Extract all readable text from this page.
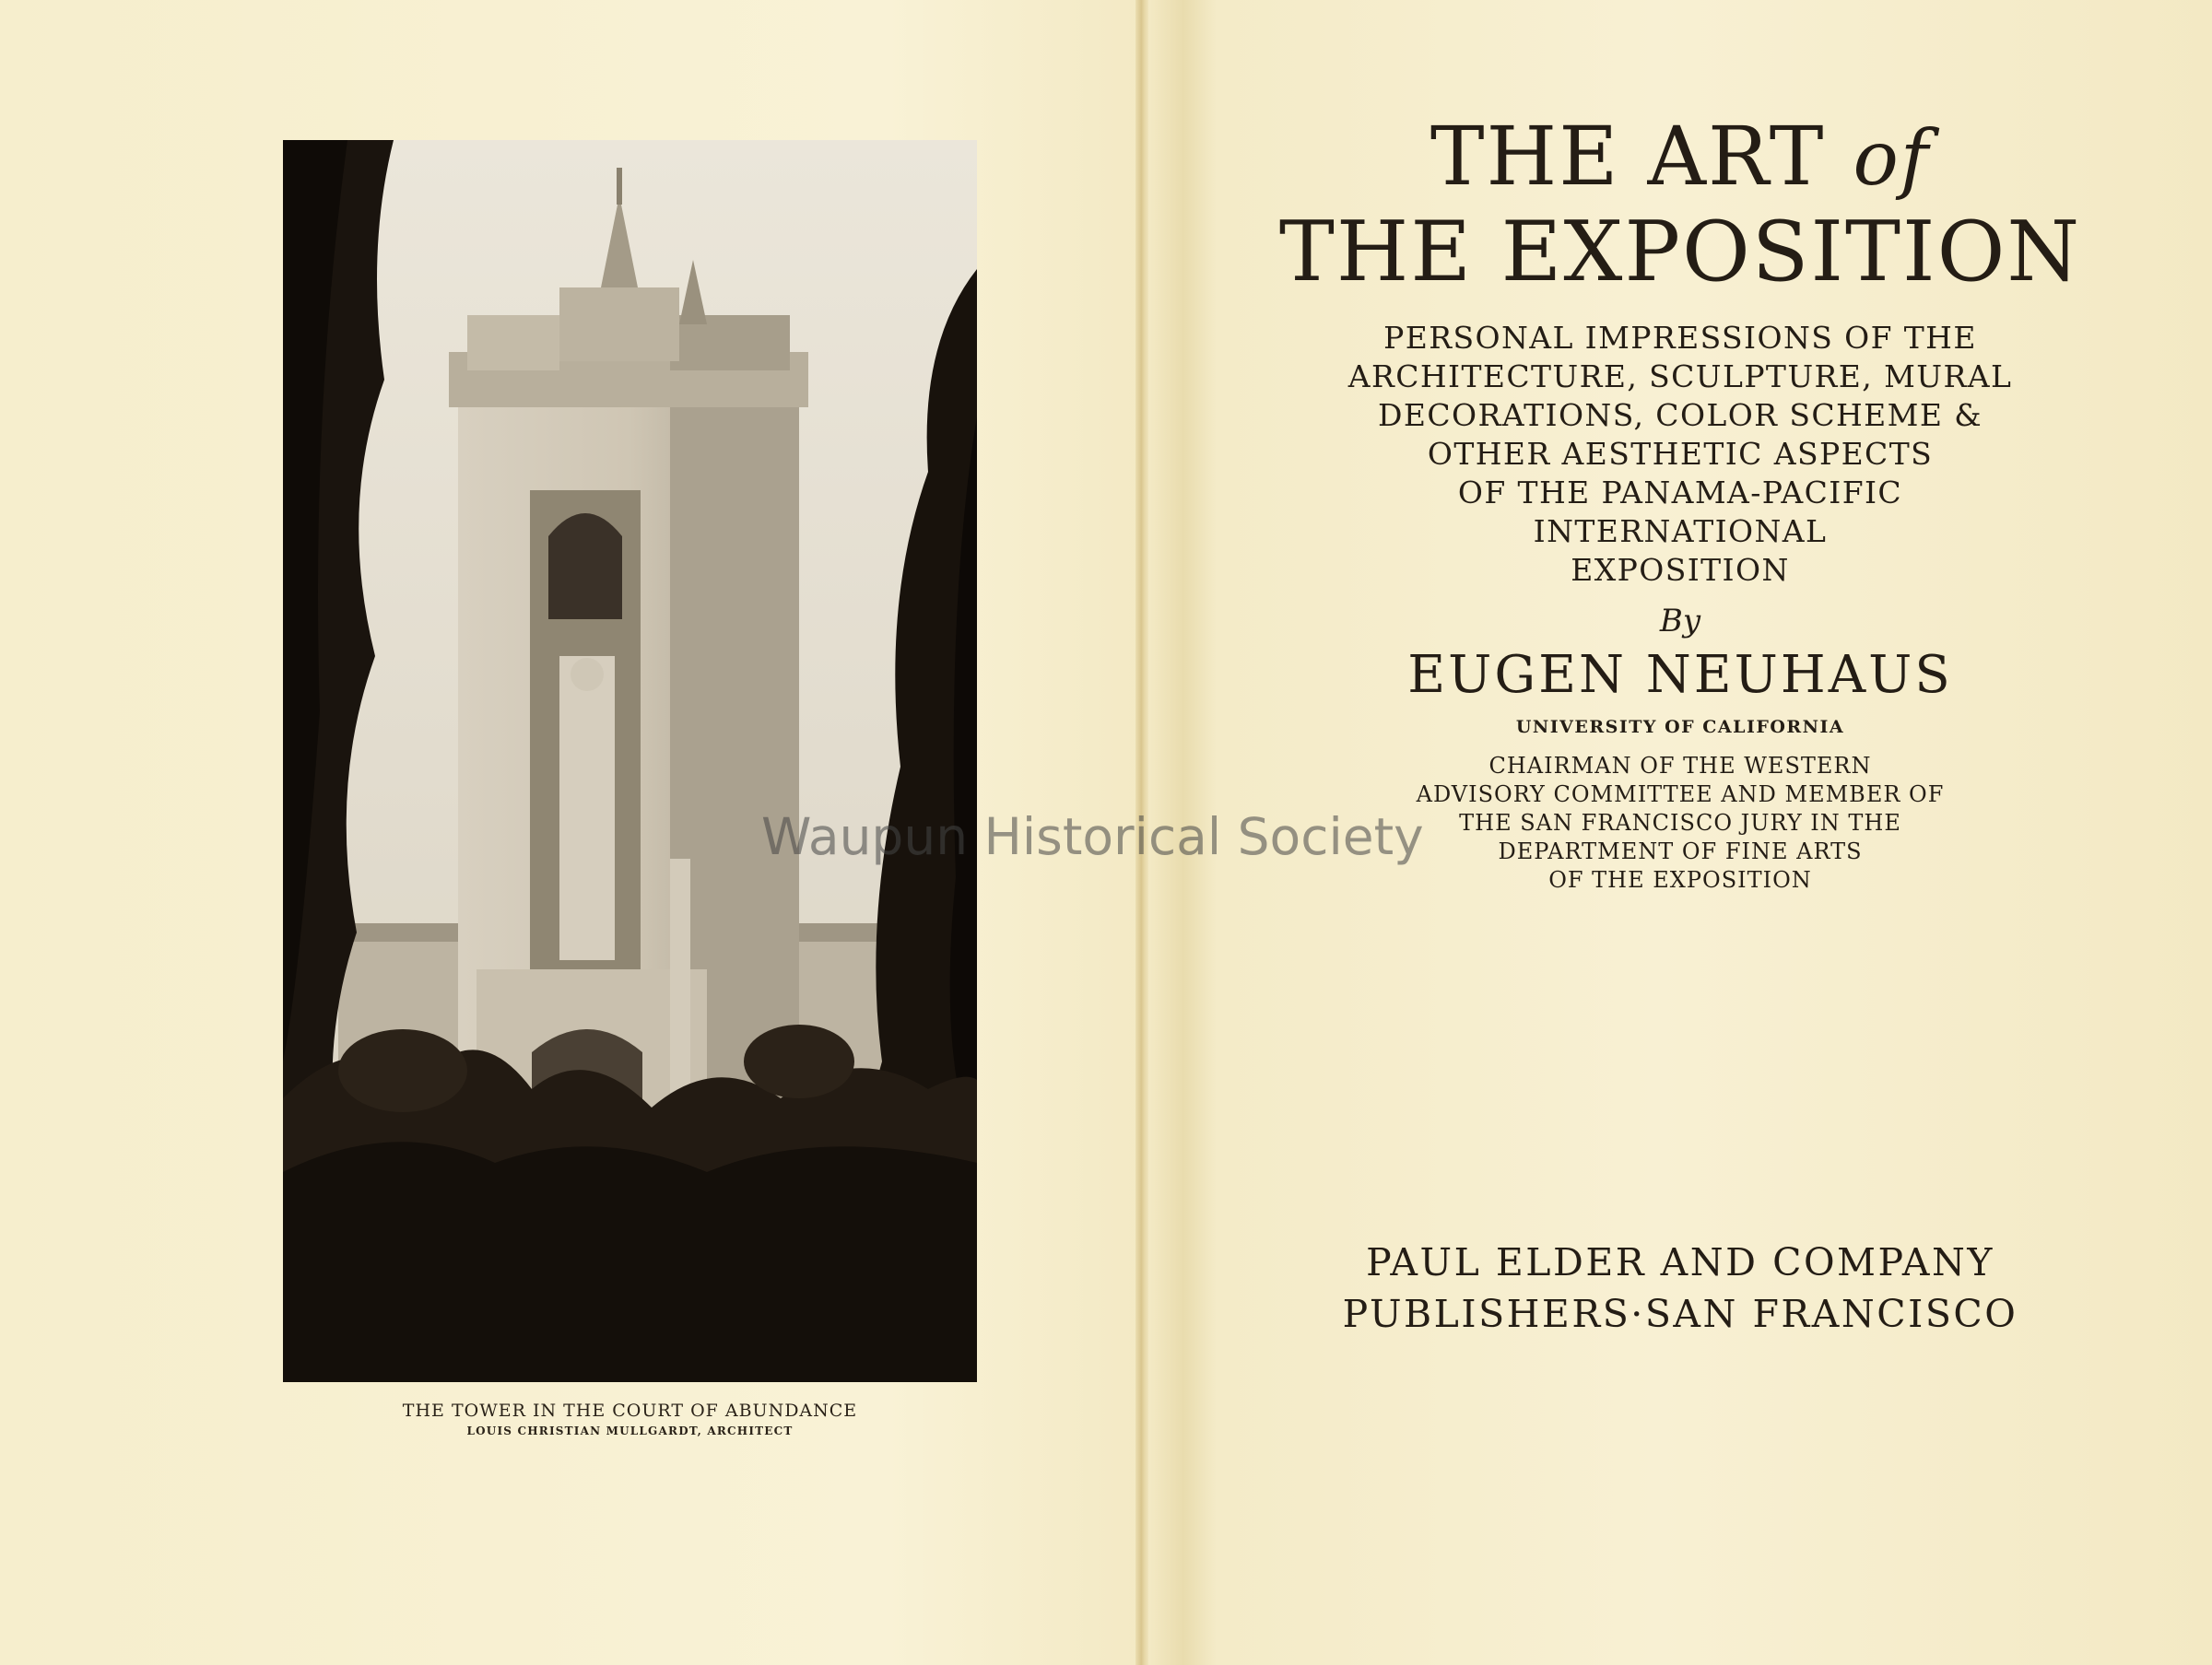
THE TOWER IN THE COURT OF ABUNDANCE
LOUIS CHRISTIAN MULLGARDT, ARCHITECT
THE ART of
THE EXPOSITION
PERSONAL IMPRESSIONS OF THE
ARCHITECTURE, SCULPTURE, MURAL
DECORATIONS, COLOR SCHEME &
OTHER AESTHETIC ASPECTS
OF THE PANAMA-PACIFIC
INTERNATIONAL
EXPOSITION
By
EUGEN NEUHAUS
UNIVERSITY OF CALIFORNIA
CHAIRMAN OF THE WESTERN
ADVISORY COMMITTEE AND MEMBER OF
THE SAN FRANCISCO JURY IN THE
DEPARTMENT OF FINE ARTS
OF THE EXPOSITION
PAUL ELDER AND COMPANY
PUBLISHERS·SAN FRANCISCO
Waupun Historical Society
